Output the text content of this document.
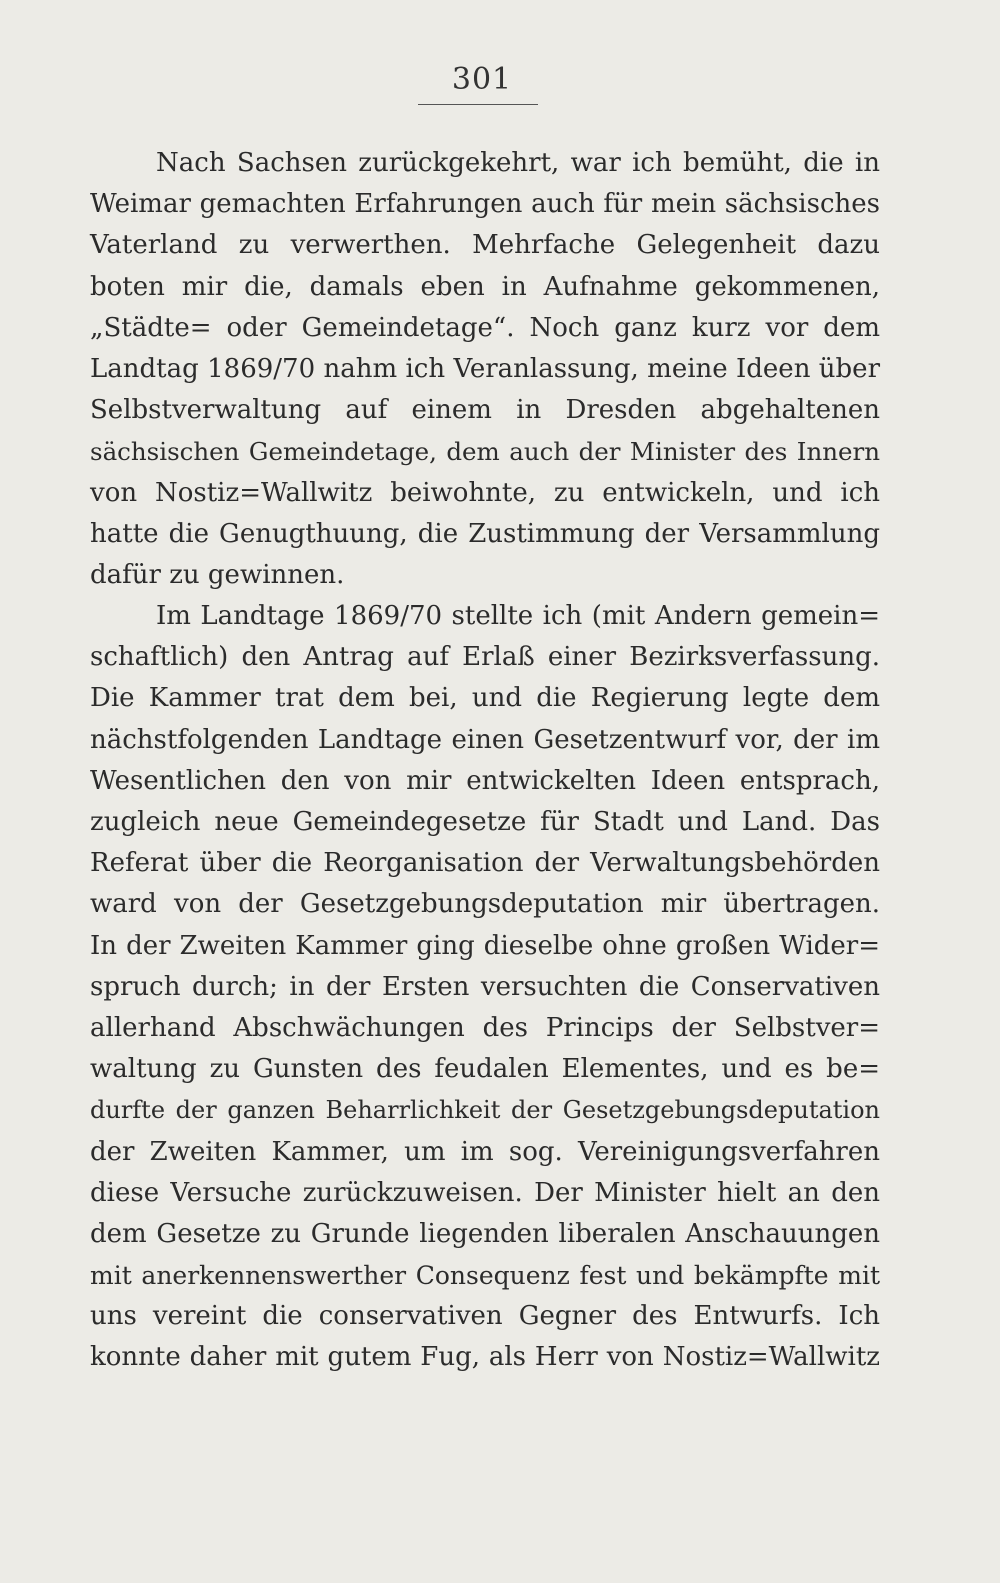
301
Nach Sachsen zurückgekehrt, war ich bemüht, die in
Weimar gemachten Erfahrungen auch für mein sächsisches
Vaterland zu verwerthen. Mehrfache Gelegenheit dazu
boten mir die, damals eben in Aufnahme gekommenen,
„Städte= oder Gemeindetage“. Noch ganz kurz vor dem
Landtag 1869/70 nahm ich Veranlassung, meine Ideen über
Selbstverwaltung auf einem in Dresden abgehaltenen
sächsischen Gemeindetage, dem auch der Minister des Innern
von Nostiz=Wallwitz beiwohnte, zu entwickeln, und ich
hatte die Genugthuung, die Zustimmung der Versammlung
dafür zu gewinnen.
Im Landtage 1869/70 stellte ich (mit Andern gemein=
schaftlich) den Antrag auf Erlaß einer Bezirksverfassung.
Die Kammer trat dem bei, und die Regierung legte dem
nächstfolgenden Landtage einen Gesetzentwurf vor, der im
Wesentlichen den von mir entwickelten Ideen entsprach,
zugleich neue Gemeindegesetze für Stadt und Land. Das
Referat über die Reorganisation der Verwaltungsbehörden
ward von der Gesetzgebungsdeputation mir übertragen.
In der Zweiten Kammer ging dieselbe ohne großen Wider=
spruch durch; in der Ersten versuchten die Conservativen
allerhand Abschwächungen des Princips der Selbstver=
waltung zu Gunsten des feudalen Elementes, und es be=
durfte der ganzen Beharrlichkeit der Gesetzgebungsdeputation
der Zweiten Kammer, um im sog. Vereinigungsverfahren
diese Versuche zurückzuweisen. Der Minister hielt an den
dem Gesetze zu Grunde liegenden liberalen Anschauungen
mit anerkennenswerther Consequenz fest und bekämpfte mit
uns vereint die conservativen Gegner des Entwurfs. Ich
konnte daher mit gutem Fug, als Herr von Nostiz=Wallwitz
